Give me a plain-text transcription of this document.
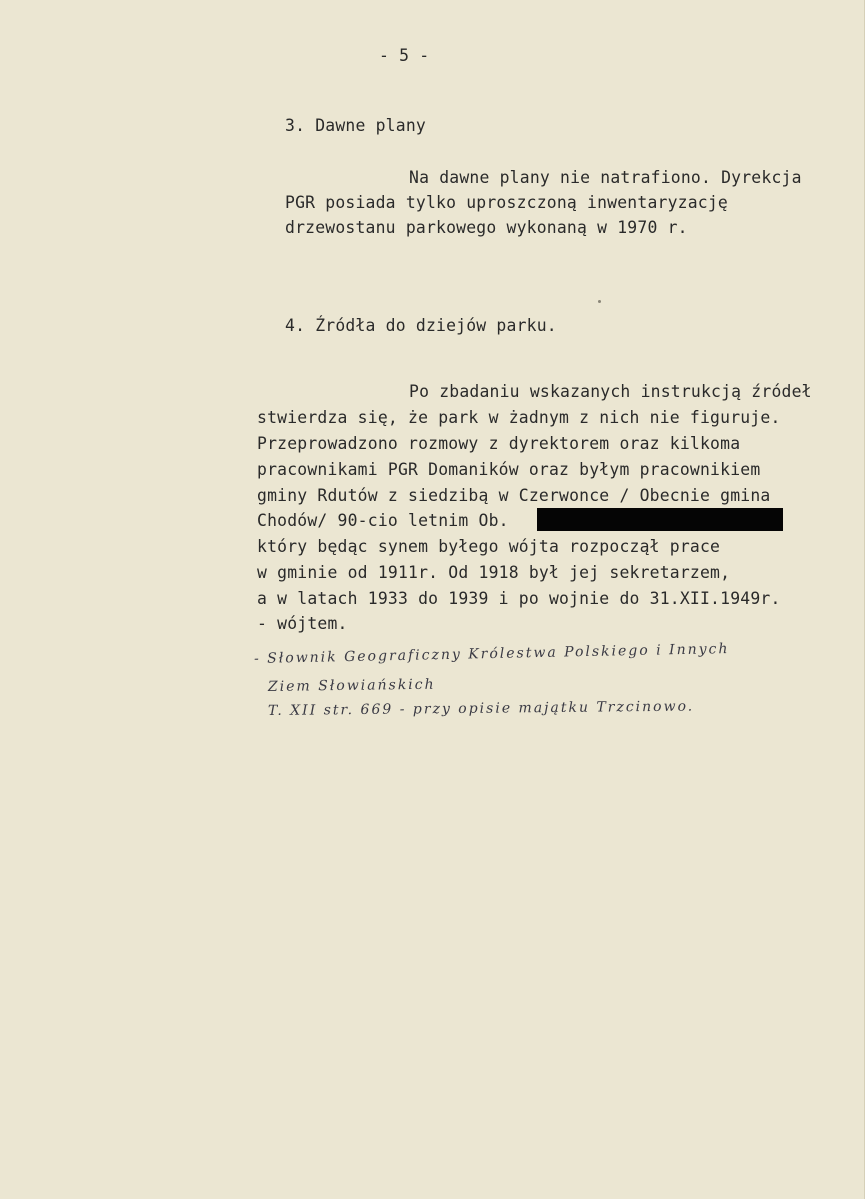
- 5 -
3. Dawne plany
Na dawne plany nie natrafiono. Dyrekcja
PGR posiada tylko uproszczoną inwentaryzację
drzewostanu parkowego wykonaną w 1970 r.
4. Źródła do dziejów parku.
Po zbadaniu wskazanych instrukcją źródeł
stwierdza się, że park w żadnym z nich nie figuruje.
Przeprowadzono rozmowy z dyrektorem oraz kilkoma
pracownikami PGR Domaników oraz byłym pracownikiem
gminy Rdutów z siedzibą w Czerwonce / Obecnie gmina
Chodów/ 90-cio letnim Ob.
który będąc synem byłego wójta rozpoczął prace
w gminie od 1911r. Od 1918 był jej sekretarzem,
a w latach 1933 do 1939 i po wojnie do 31.XII.1949r.
- wójtem.
- Słownik Geograficzny Królestwa Polskiego i Innych
Ziem Słowiańskich
T. XII str. 669 - przy opisie majątku Trzcinowo.
